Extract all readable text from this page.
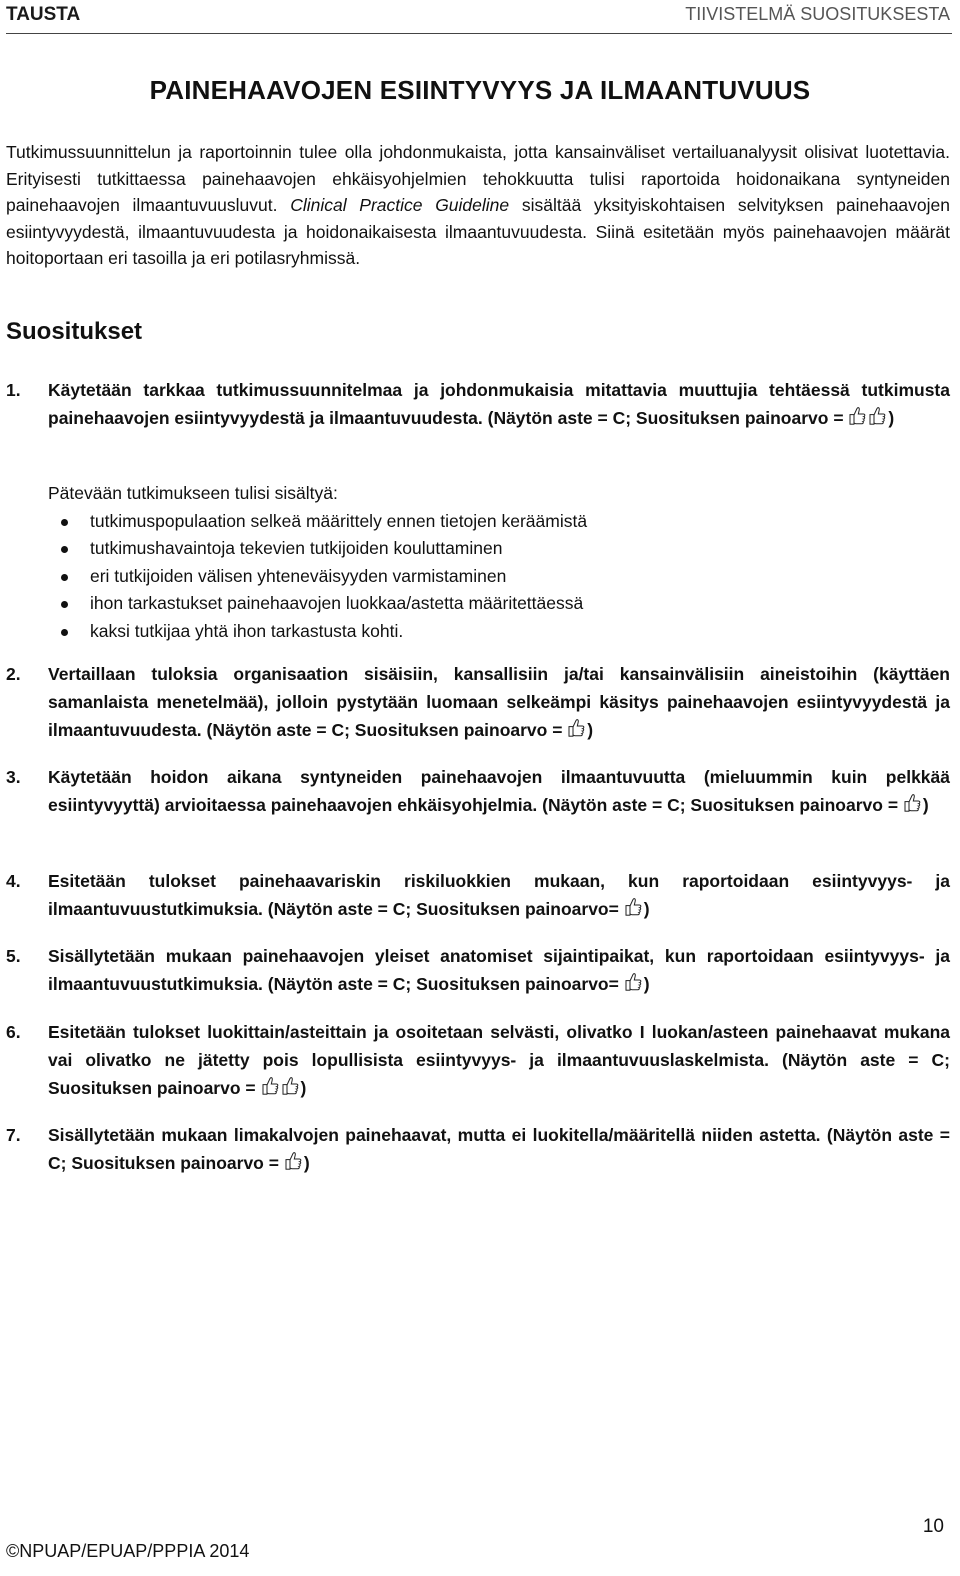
TAUSTA	TIIVISTELMÄ SUOSITUKSESTA
PAINEHAAVOJEN ESIINTYVYYS JA ILMAANTUVUUS
Tutkimussuunnittelun ja raportoinnin tulee olla johdonmukaista, jotta kansainväliset vertailuanalyysit olisivat luotettavia. Erityisesti tutkittaessa painehaavojen ehkäisyohjelmien tehokkuutta tulisi raportoida hoidonaikana syntyneiden painehaavojen ilmaantuvuusluvut. Clinical Practice Guideline sisältää yksityiskohtaisen selvityksen painehaavojen esiintyvyydestä, ilmaantuvuudesta ja hoidonaikaisesta ilmaantuvuudesta. Siinä esitetään myös painehaavojen määrät hoitoportaan eri tasoilla ja eri potilasryhmissä.
Suositukset
1. Käytetään tarkkaa tutkimussuunnitelmaa ja johdonmukaisia mitattavia muuttujia tehtäessä tutkimusta painehaavojen esiintyvyydestä ja ilmaantuvuudesta. (Näytön aste = C; Suosituksen painoarvo = )
Pätevään tutkimukseen tulisi sisältyä:
tutkimuspopulaation selkeä määrittely ennen tietojen keräämistä
tutkimushavaintoja tekevien tutkijoiden kouluttaminen
eri tutkijoiden välisen yhteneväisyyden varmistaminen
ihon tarkastukset painehaavojen luokkaa/astetta määritettäessä
kaksi tutkijaa yhtä ihon tarkastusta kohti.
2. Vertaillaan tuloksia organisaation sisäisiin, kansallisiin ja/tai kansainvälisiin aineistoihin (käyttäen samanlaista menetelmää), jolloin pystytään luomaan selkeämpi käsitys painehaavojen esiintyvyydestä ja ilmaantuvuudesta. (Näytön aste = C; Suosituksen painoarvo = )
3. Käytetään hoidon aikana syntyneiden painehaavojen ilmaantuvuutta (mieluummin kuin pelkkää esiintyvyyttä) arvioitaessa painehaavojen ehkäisyohjelmia. (Näytön aste = C; Suosituksen painoarvo = )
4. Esitetään tulokset painehaavariskin riskiluokkien mukaan, kun raportoidaan esiintyvyys- ja ilmaantuvuustutkimuksia. (Näytön aste = C; Suosituksen painoarvo= )
5. Sisällytetään mukaan painehaavojen yleiset anatomiset sijaintipaikat, kun raportoidaan esiintyvyys- ja ilmaantuvuustutkimuksia. (Näytön aste = C; Suosituksen painoarvo= )
6. Esitetään tulokset luokittain/asteittain ja osoitetaan selvästi, olivatko I luokan/asteen painehaavat mukana vai olivatko ne jätetty pois lopullisista esiintyvyys- ja ilmaantuvuuslaskelmista. (Näytön aste = C; Suosituksen painoarvo = )
7. Sisällytetään mukaan limakalvojen painehaavat, mutta ei luokitella/määritellä niiden astetta. (Näytön aste = C; Suosituksen painoarvo = )
10
©NPUAP/EPUAP/PPPIA 2014
